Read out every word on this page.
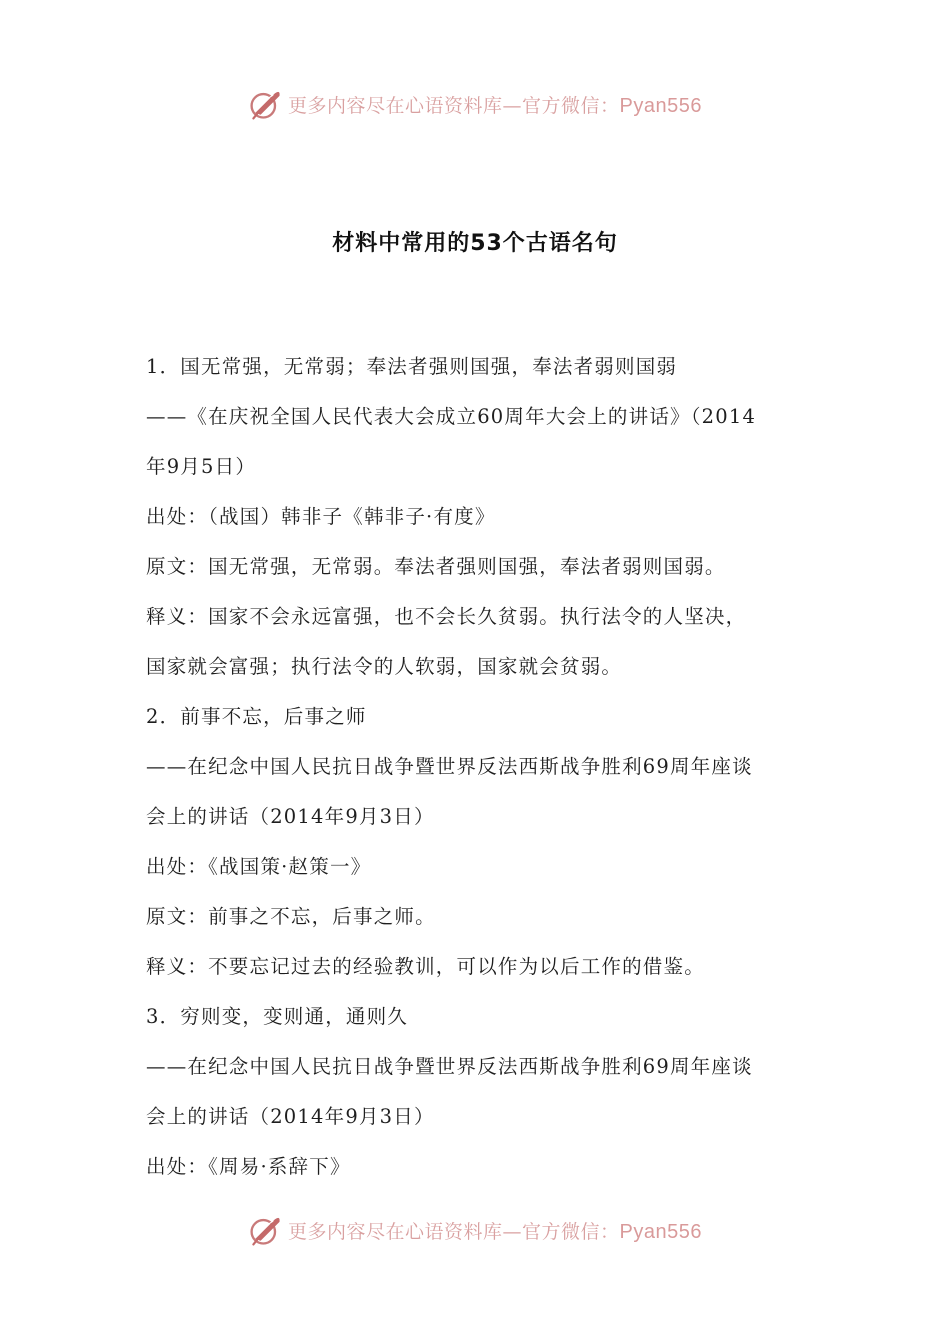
更多内容尽在心语资料库—官方微信：Pyan556
材料中常用的53个古语名句
1．国无常强，无常弱；奉法者强则国强，奉法者弱则国弱
——《在庆祝全国人民代表大会成立60周年大会上的讲话》（2014
年9月5日）
出处：（战国）韩非子《韩非子·有度》
原文：国无常强，无常弱。奉法者强则国强，奉法者弱则国弱。
释义：国家不会永远富强，也不会长久贫弱。执行法令的人坚决，
国家就会富强；执行法令的人软弱，国家就会贫弱。
2．前事不忘，后事之师
——在纪念中国人民抗日战争暨世界反法西斯战争胜利69周年座谈
会上的讲话（2014年9月3日）
出处：《战国策·赵策一》
原文：前事之不忘，后事之师。
释义：不要忘记过去的经验教训，可以作为以后工作的借鉴。
3．穷则变，变则通，通则久
——在纪念中国人民抗日战争暨世界反法西斯战争胜利69周年座谈
会上的讲话（2014年9月3日）
出处：《周易·系辞下》
更多内容尽在心语资料库—官方微信：Pyan556
